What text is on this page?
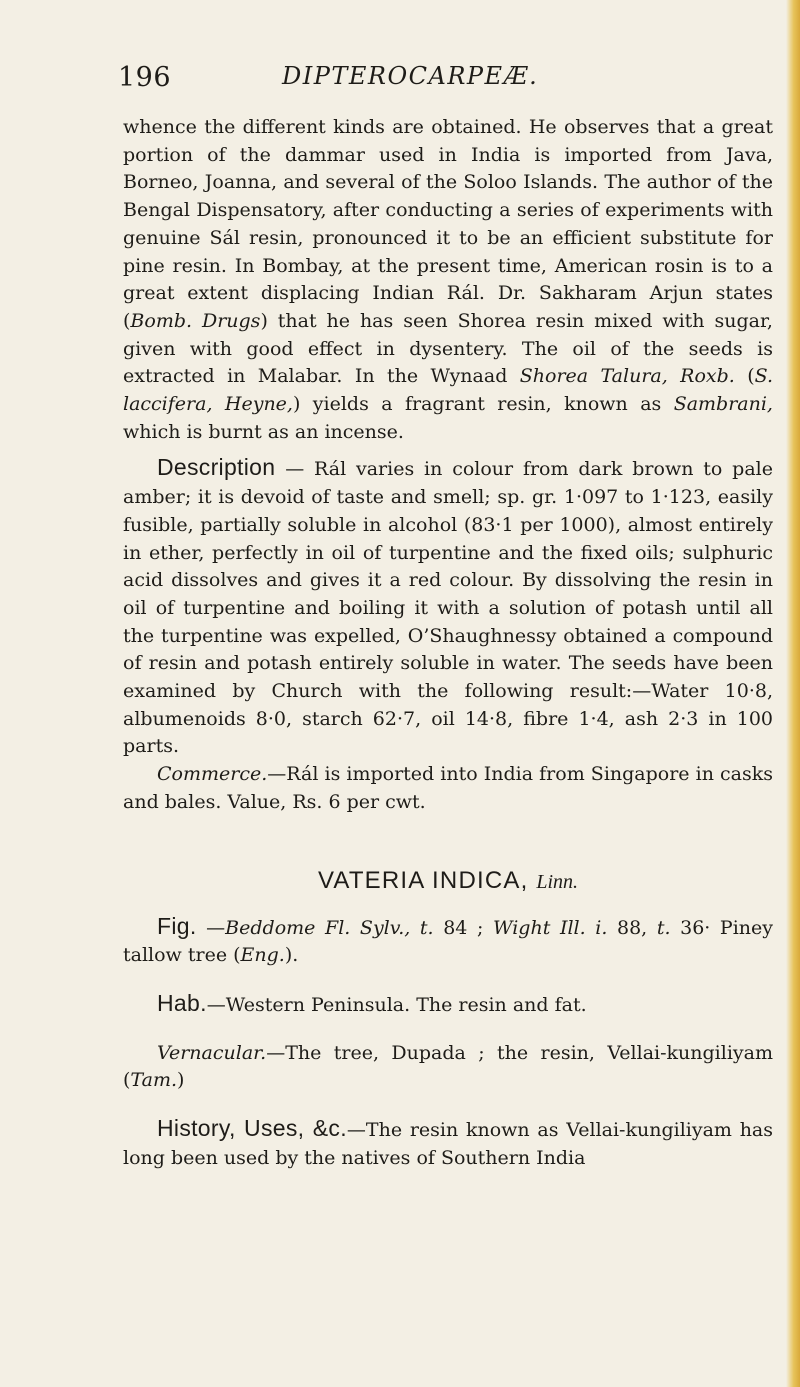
196	DIPTEROCARPEÆ.

whence the different kinds are obtained. He observes that a great portion of the dammar used in India is imported from Java, Borneo, Joanna, and several of the Soloo Islands. The author of the Bengal Dispensatory, after conducting a series of experiments with genuine Sál resin, pronounced it to be an efficient substitute for pine resin. In Bombay, at the present time, American rosin is to a great extent displacing Indian Rál. Dr. Sakharam Arjun states (Bomb. Drugs) that he has seen Shorea resin mixed with sugar, given with good effect in dysentery. The oil of the seeds is extracted in Malabar. In the Wynaad Shorea Talura, Roxb. (S. laccifera, Heyne,) yields a fragrant resin, known as Sambrani, which is burnt as an incense.

Description — Rál varies in colour from dark brown to pale amber; it is devoid of taste and smell; sp. gr. 1·097 to 1·123, easily fusible, partially soluble in alcohol (83·1 per 1000), almost entirely in ether, perfectly in oil of turpentine and the fixed oils; sulphuric acid dissolves and gives it a red colour. By dissolving the resin in oil of turpentine and boiling it with a solution of potash until all the turpentine was expelled, O’Shaughnessy obtained a compound of resin and potash entirely soluble in water. The seeds have been examined by Church with the following result:—Water 10·8, albumenoids 8·0, starch 62·7, oil 14·8, fibre 1·4, ash 2·3 in 100 parts.

Commerce.—Rál is imported into India from Singapore in casks and bales. Value, Rs. 6 per cwt.

VATERIA INDICA, Linn.

Fig. —Beddome Fl. Sylv., t. 84 ; Wight Ill. i. 88, t. 36· Piney tallow tree (Eng.).

Hab.—Western Peninsula. The resin and fat.

Vernacular.—The tree, Dupada ; the resin, Vellai-kungiliyam (Tam.)

History, Uses, &c.—The resin known as Vellai-kungiliyam has long been used by the natives of Southern India
